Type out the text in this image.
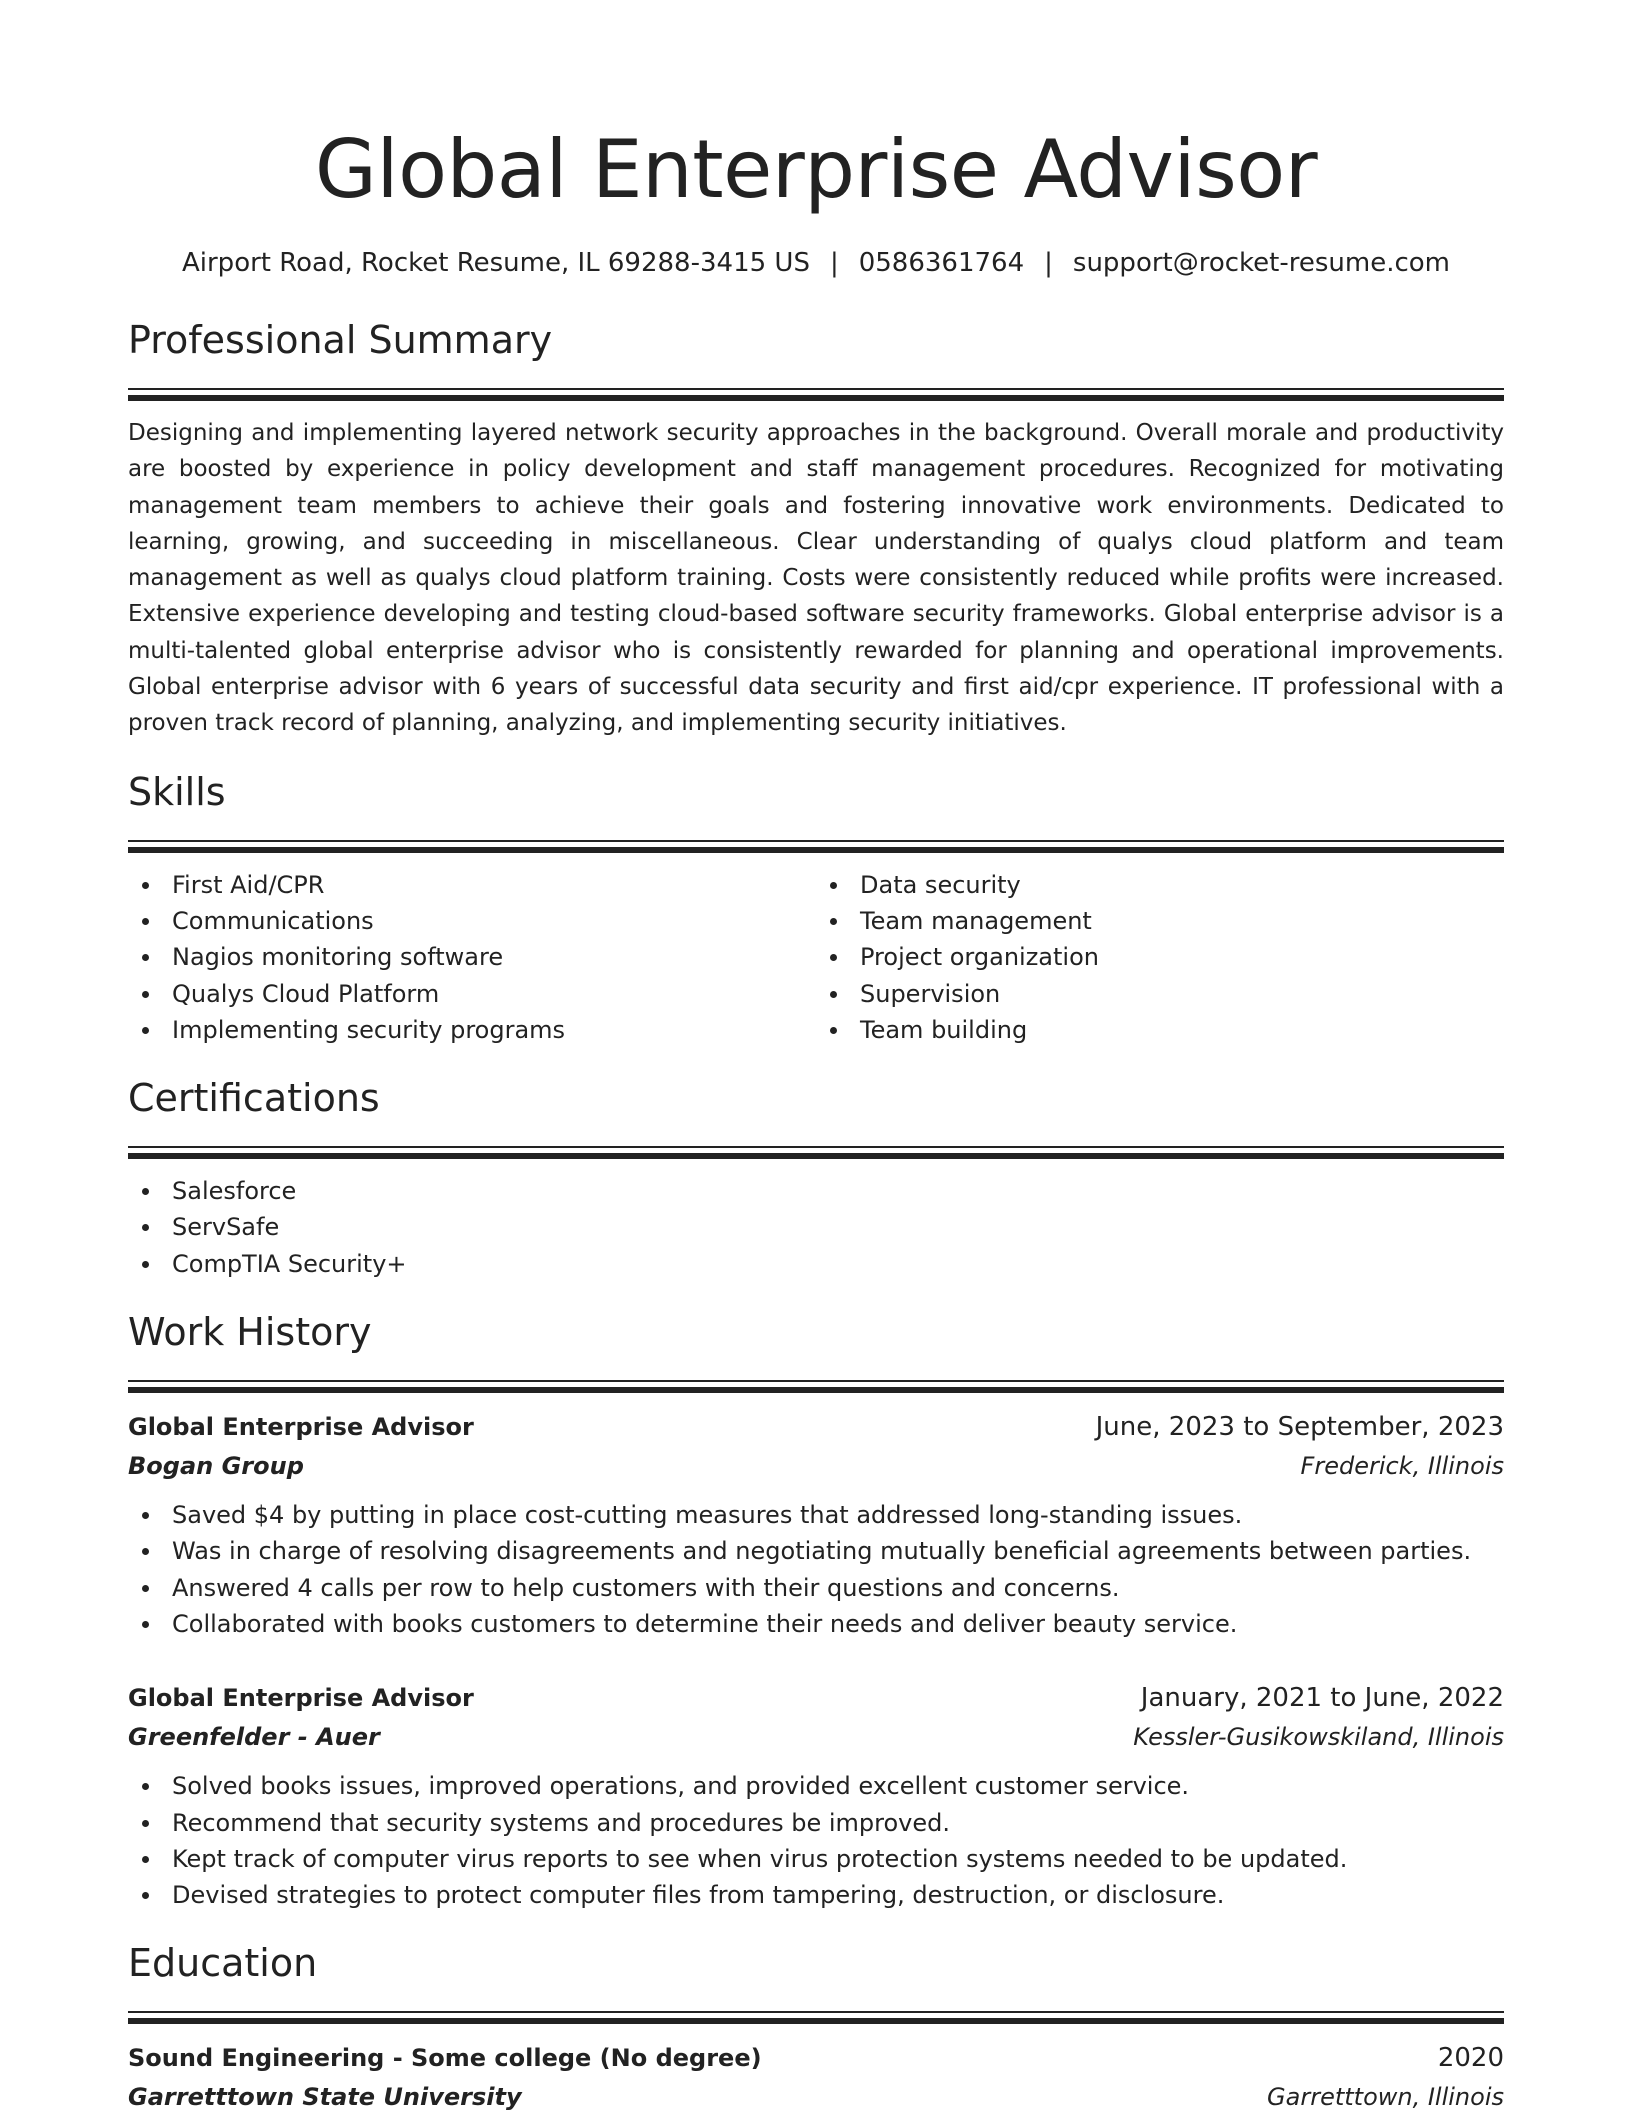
Global Enterprise Advisor
Airport Road, Rocket Resume, IL 69288-3415 US | 0586361764 | support@rocket-resume.com
Professional Summary

Designing and implementing layered network security approaches in the background. Overall morale and productivity are boosted by experience in policy development and staff management procedures. Recognized for motivating management team members to achieve their goals and fostering innovative work environments. Dedicated to learning, growing, and succeeding in miscellaneous. Clear understanding of qualys cloud platform and team management as well as qualys cloud platform training. Costs were consistently reduced while profits were increased. Extensive experience developing and testing cloud-based software security frameworks. Global enterprise advisor is a multi-talented global enterprise advisor who is consistently rewarded for planning and operational improvements. Global enterprise advisor with 6 years of successful data security and first aid/cpr experience. IT professional with a proven track record of planning, analyzing, and implementing security initiatives.

Skills
First Aid/CPR
Communications
Nagios monitoring software
Qualys Cloud Platform
Implementing security programs
Data security
Team management
Project organization
Supervision
Team building
Certifications
Salesforce
ServSafe
CompTIA Security+
Work History
Global Enterprise Advisor	June, 2023 to September, 2023
Bogan Group	Frederick, Illinois
Saved $4 by putting in place cost-cutting measures that addressed long-standing issues.
Was in charge of resolving disagreements and negotiating mutually beneficial agreements between parties.
Answered 4 calls per row to help customers with their questions and concerns.
Collaborated with books customers to determine their needs and deliver beauty service.
Global Enterprise Advisor	January, 2021 to June, 2022
Greenfelder - Auer	Kessler-Gusikowskiland, Illinois
Solved books issues, improved operations, and provided excellent customer service.
Recommend that security systems and procedures be improved.
Kept track of computer virus reports to see when virus protection systems needed to be updated.
Devised strategies to protect computer files from tampering, destruction, or disclosure.
Education
Sound Engineering - Some college (No degree)	2020
Garretttown State University	Garretttown, Illinois
